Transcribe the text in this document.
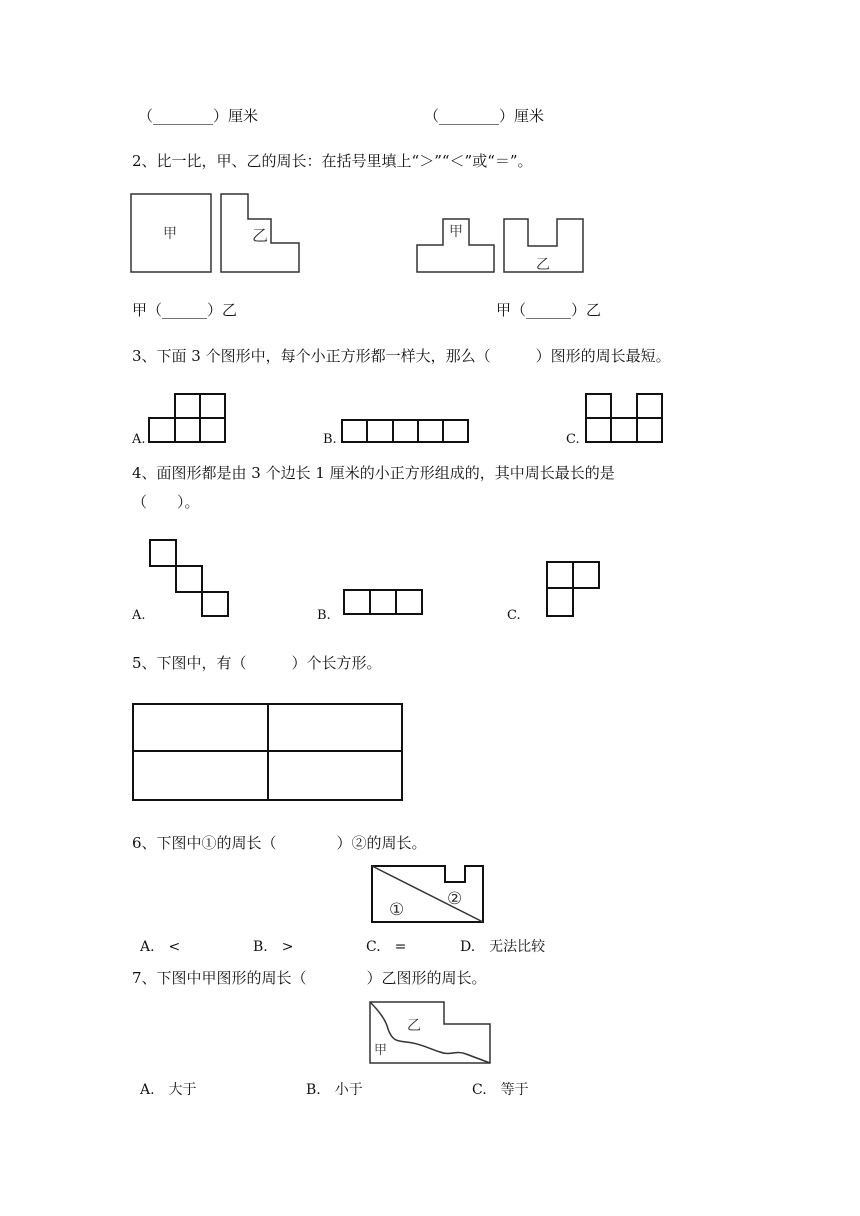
（________）厘米	（________）厘米
2、比一比，甲、乙的周长：在括号里填上“＞”“＜”或“＝”。
甲	乙	甲
乙
甲（______）乙	甲（______）乙
3、下面 3 个图形中，每个小正方形都一样大，那么（　　　）图形的周长最短。
A.	B.	C.
4、面图形都是由 3 个边长 1 厘米的小正方形组成的，其中周长最长的是
（　　）。
A.	B.	C.
5、下图中，有（　　　）个长方形。
6、下图中①的周长（　　　　）②的周长。
①
②
A.　<	B.　>	C.　=	D.　无法比较
7、下图中甲图形的周长（　　　　）乙图形的周长。
乙
甲
A.　大于	B.　小于	C.　等于
